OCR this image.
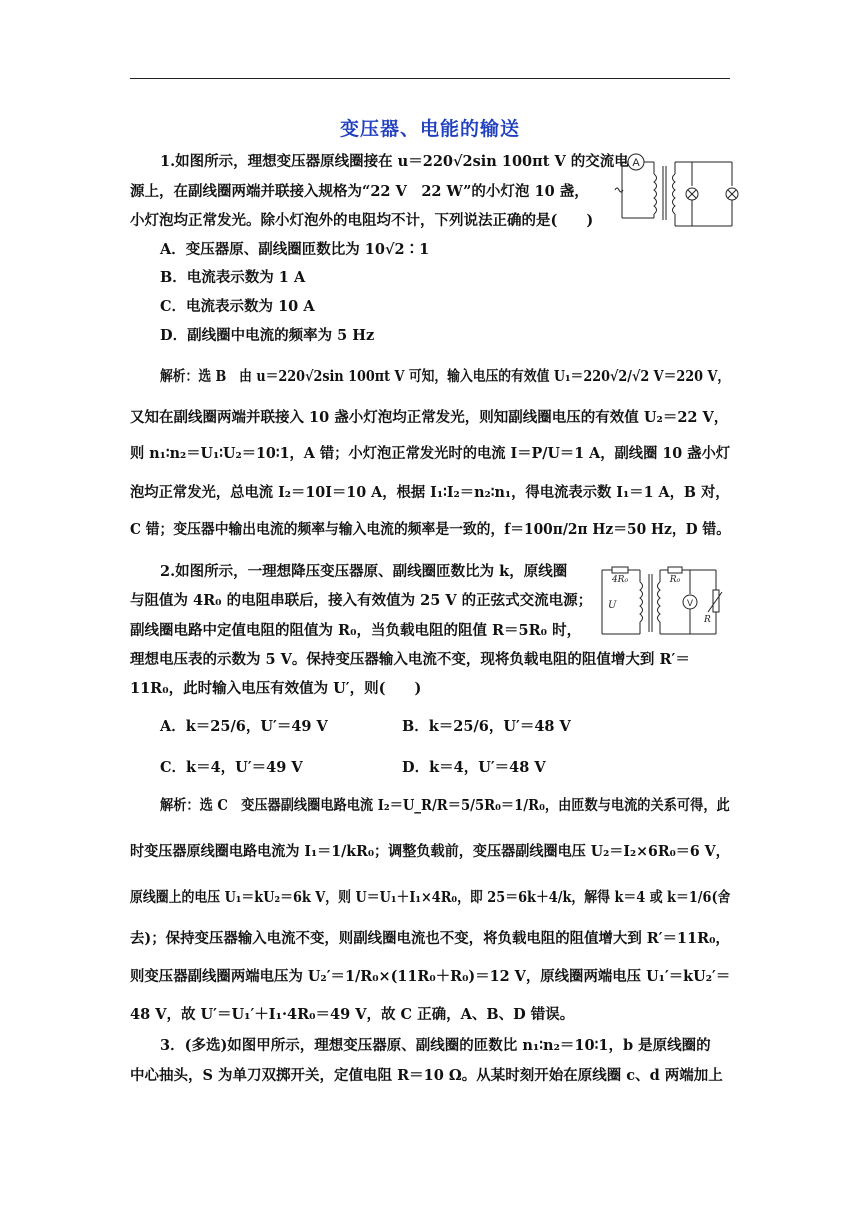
变压器、电能的输送
1.如图所示，理想变压器原线圈接在 u＝220√2sin 100πt V 的交流电
源上，在副线圈两端并联接入规格为“22 V　22 W”的小灯泡 10 盏，
小灯泡均正常发光。除小灯泡外的电阻均不计，下列说法正确的是(　　)
A
A．变压器原、副线圈匝数比为 10√2∶1
B．电流表示数为 1 A
C．电流表示数为 10 A
D．副线圈中电流的频率为 5 Hz
解析：选 B　由 u＝220√2sin 100πt V 可知，输入电压的有效值 U₁＝220√2/√2 V＝220 V，
又知在副线圈两端并联接入 10 盏小灯泡均正常发光，则知副线圈电压的有效值 U₂＝22 V，
则 n₁∶n₂＝U₁∶U₂＝10∶1，A 错；小灯泡正常发光时的电流 I＝P/U＝1 A，副线圈 10 盏小灯
泡均正常发光，总电流 I₂＝10I＝10 A，根据 I₁∶I₂＝n₂∶n₁，得电流表示数 I₁＝1 A，B 对，
C 错；变压器中输出电流的频率与输入电流的频率是一致的，f＝100π/2π Hz＝50 Hz，D 错。
2.如图所示，一理想降压变压器原、副线圈匝数比为 k，原线圈
与阻值为 4R₀ 的电阻串联后，接入有效值为 25 V 的正弦式交流电源；
副线圈电路中定值电阻的阻值为 R₀，当负载电阻的阻值 R＝5R₀ 时，
理想电压表的示数为 5 V。保持变压器输入电流不变，现将负载电阻的阻值增大到 R′＝
11R₀，此时输入电压有效值为 U′，则(　　)
4R₀	R₀
U	V
R
A．k＝25/6，U′＝49 V	B．k＝25/6，U′＝48 V
C．k＝4，U′＝49 V	D．k＝4，U′＝48 V
解析：选 C　变压器副线圈电路电流 I₂＝U_R/R＝5/5R₀＝1/R₀，由匝数与电流的关系可得，此
时变压器原线圈电路电流为 I₁＝1/kR₀；调整负载前，变压器副线圈电压 U₂＝I₂×6R₀＝6 V，
原线圈上的电压 U₁＝kU₂＝6k V，则 U＝U₁＋I₁×4R₀，即 25＝6k＋4/k，解得 k＝4 或 k＝1/6(舍
去)；保持变压器输入电流不变，则副线圈电流也不变，将负载电阻的阻值增大到 R′＝11R₀，
则变压器副线圈两端电压为 U₂′＝1/R₀×(11R₀＋R₀)＝12 V，原线圈两端电压 U₁′＝kU₂′＝
48 V，故 U′＝U₁′＋I₁·4R₀＝49 V，故 C 正确，A、B、D 错误。
3．(多选)如图甲所示，理想变压器原、副线圈的匝数比 n₁∶n₂＝10∶1，b 是原线圈的
中心抽头，S 为单刀双掷开关，定值电阻 R＝10 Ω。从某时刻开始在原线圈 c、d 两端加上
